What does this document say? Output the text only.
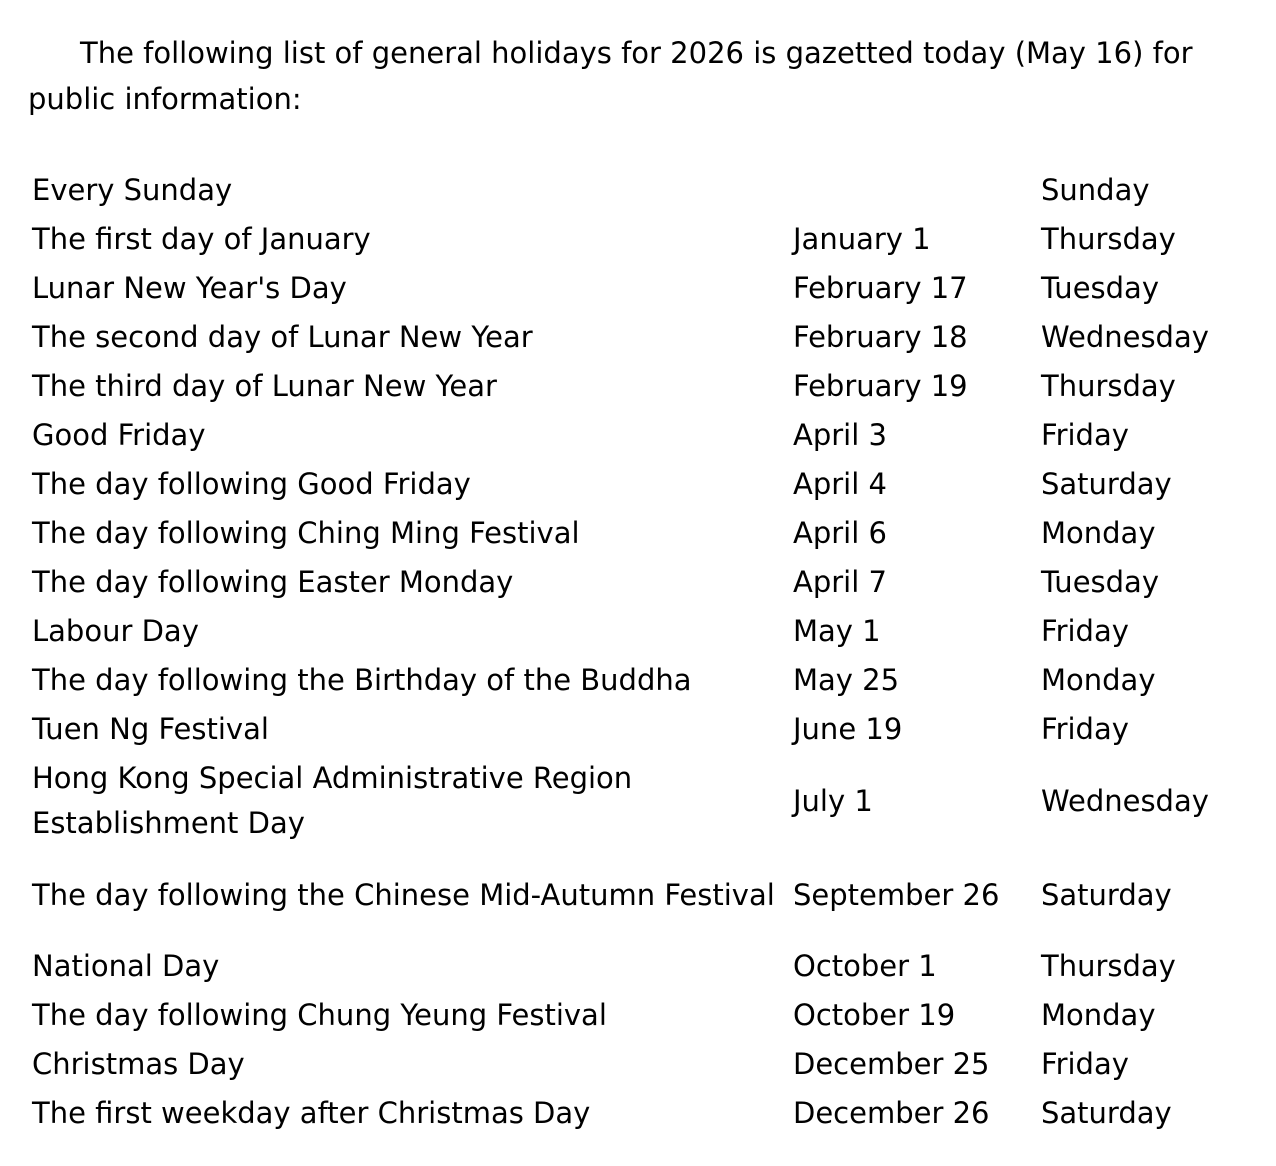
The following list of general holidays for 2026 is gazetted today (May 16) for public information:

Every Sunday		Sunday
The first day of January	January 1	Thursday
Lunar New Year's Day	February 17	Tuesday
The second day of Lunar New Year	February 18	Wednesday
The third day of Lunar New Year	February 19	Thursday
Good Friday	April 3	Friday
The day following Good Friday	April 4	Saturday
The day following Ching Ming Festival	April 6	Monday
The day following Easter Monday	April 7	Tuesday
Labour Day	May 1	Friday
The day following the Birthday of the Buddha	May 25	Monday
Tuen Ng Festival	June 19	Friday
Hong Kong Special Administrative Region Establishment Day	July 1	Wednesday
The day following the Chinese Mid-Autumn Festival	September 26	Saturday
National Day	October 1	Thursday
The day following Chung Yeung Festival	October 19	Monday
Christmas Day	December 25	Friday
The first weekday after Christmas Day	December 26	Saturday
